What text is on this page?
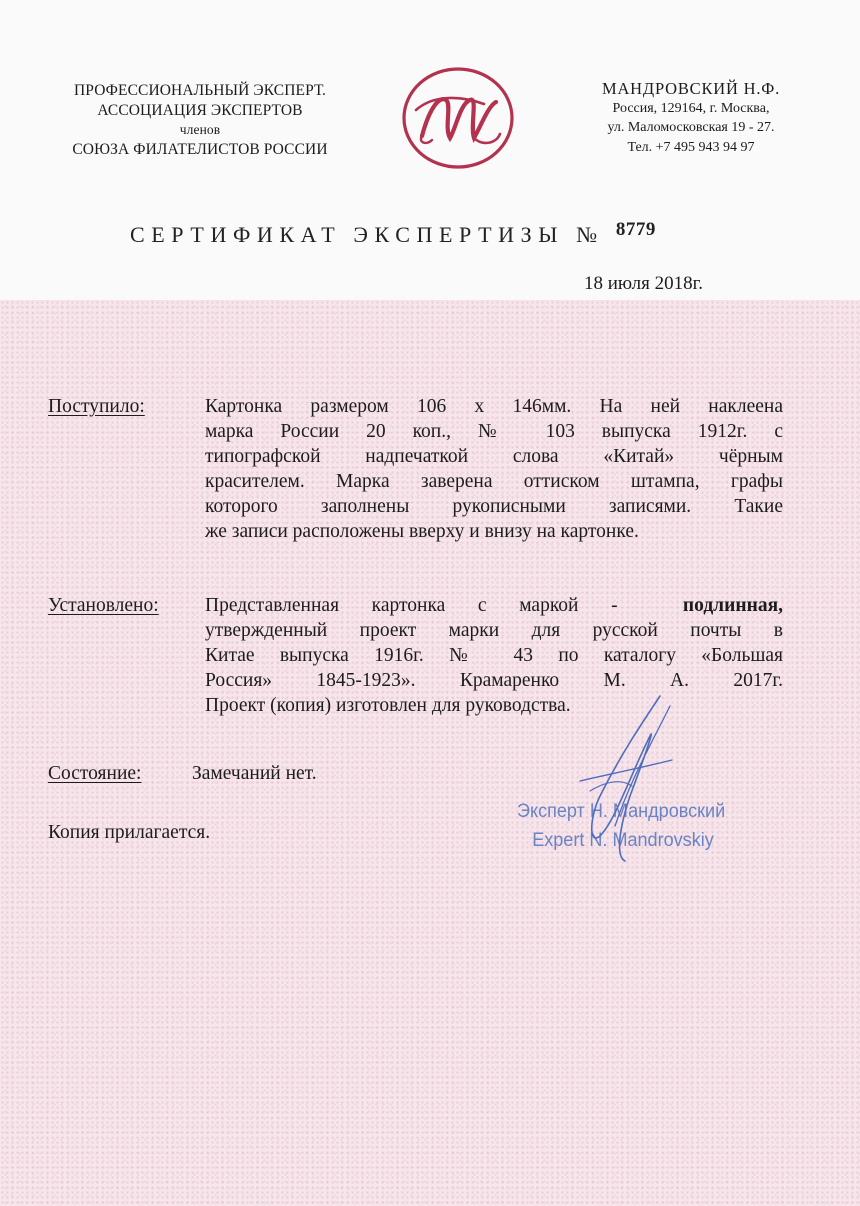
ПРОФЕССИОНАЛЬНЫЙ ЭКСПЕРТ.
АССОЦИАЦИЯ ЭКСПЕРТОВ
членов
СОЮЗА ФИЛАТЕЛИСТОВ РОССИИ
M
МАНДРОВСКИЙ Н.Ф.
Россия, 129164, г. Москва,
ул. Маломосковская 19 - 27.
Тел. +7 495 943 94 97
СЕРТИФИКАТ ЭКСПЕРТИЗЫ № 8779
18 июля 2018г.
Поступило:	Картонка размером 106 х 146мм. На ней наклеена
марка России 20 коп., № 103 выпуска 1912г. с
типографской надпечаткой слова «Китай» чёрным
красителем. Марка заверена оттиском штампа, графы
которого заполнены рукописными записями. Такие
же записи расположены вверху и внизу на картонке.
Установлено: Представленная картонка с маркой -	подлинная,
утвержденный проект марки для русской почты в
Китае выпуска 1916г. № 43 по каталогу «Большая
Россия» 1845-1923». Крамаренко М. А. 2017г.
Проект (копия) изготовлен для руководства.
Состояние:	Замечаний нет.
Копия прилагается.
Эксперт Н. Мандровский
Expert N. Mandrovskiy
